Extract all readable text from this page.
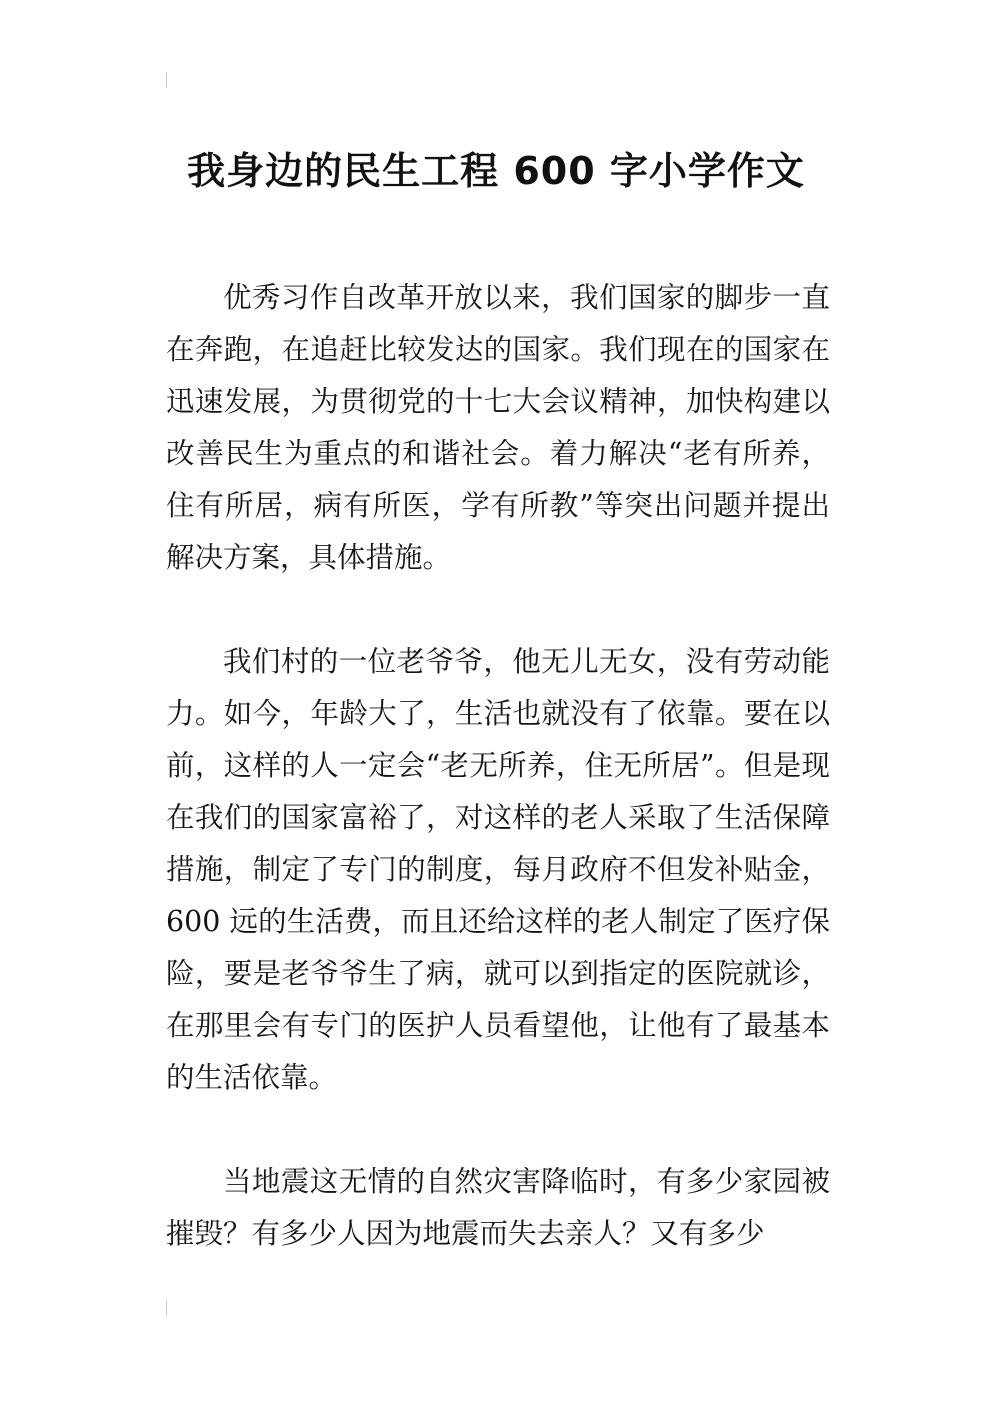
我身边的民生工程 600 字小学作文

优秀习作自改革开放以来，我们国家的脚步一直在奔跑，在追赶比较发达的国家。我们现在的国家在迅速发展，为贯彻党的十七大会议精神，加快构建以改善民生为重点的和谐社会。着力解决“老有所养，住有所居，病有所医，学有所教”等突出问题并提出解决方案，具体措施。

我们村的一位老爷爷，他无儿无女，没有劳动能力。如今，年龄大了，生活也就没有了依靠。要在以前，这样的人一定会“老无所养，住无所居”。但是现在我们的国家富裕了，对这样的老人采取了生活保障措施，制定了专门的制度，每月政府不但发补贴金，600 远的生活费，而且还给这样的老人制定了医疗保险，要是老爷爷生了病，就可以到指定的医院就诊，在那里会有专门的医护人员看望他，让他有了最基本的生活依靠。

当地震这无情的自然灾害降临时，有多少家园被摧毁？有多少人因为地震而失去亲人？又有多少
